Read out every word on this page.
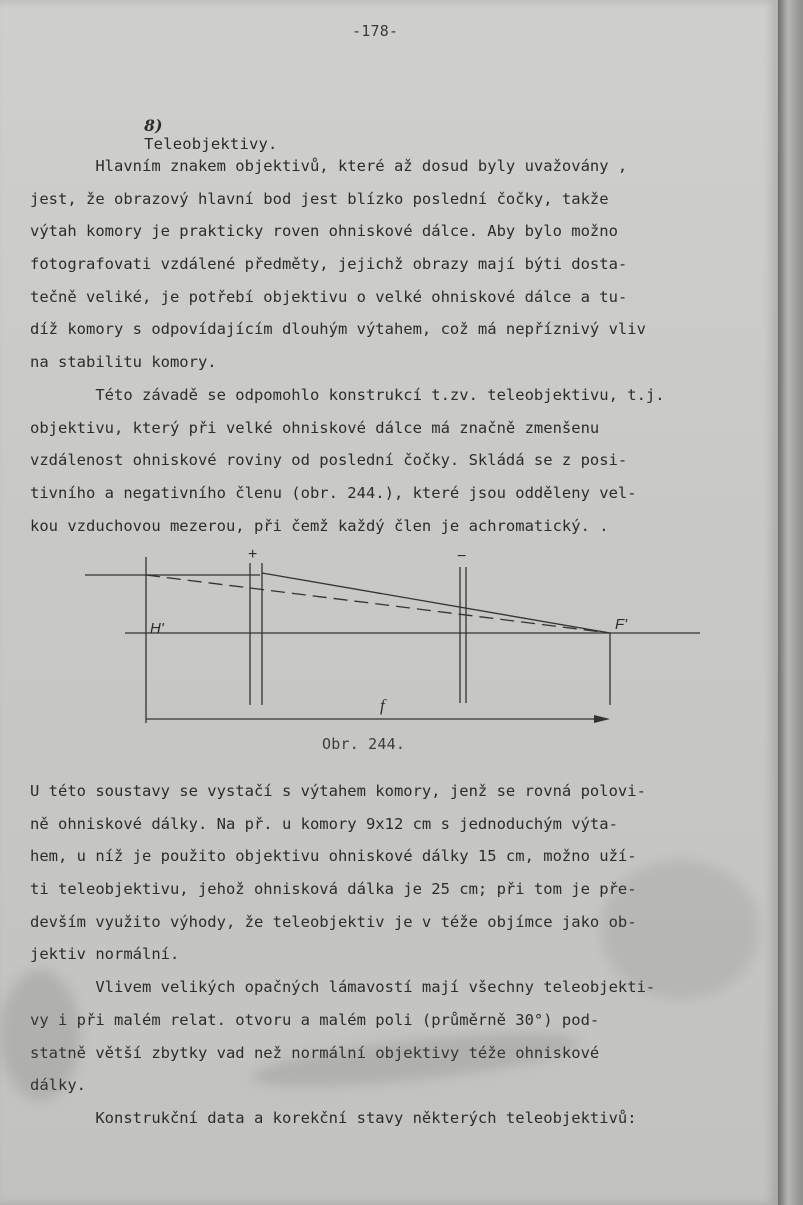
-178-

8)
Teleobjektivy.

Hlavním znakem objektivů, které až dosud byly uvažovány ,
jest, že obrazový hlavní bod jest blízko poslední čočky, takže
výtah komory je prakticky roven ohniskové dálce. Aby bylo možno
fotografovati vzdálené předměty, jejichž obrazy mají býti dosta-
tečně veliké, je potřebí objektivu o velké ohniskové dálce a tu-
díž komory s odpovídajícím dlouhým výtahem, což má nepříznivý vliv
na stabilitu komory.
Této závadě se odpomohlo konstrukcí t.zv. teleobjektivu, t.j.
objektivu, který při velké ohniskové dálce má značně zmenšenu
vzdálenost ohniskové roviny od poslední čočky. Skládá se z posi-
tivního a negativního členu (obr. 244.), které jsou odděleny vel-
kou vzduchovou mezerou, při čemž každý člen je achromatický. .
+	−
H'	F'
f
Obr. 244.
U této soustavy se vystačí s výtahem komory, jenž se rovná polovi-
ně ohniskové dálky. Na př. u komory 9x12 cm s jednoduchým výta-
hem, u níž je použito objektivu ohniskové dálky 15 cm, možno uží-
ti teleobjektivu, jehož ohnisková dálka je 25 cm; při tom je pře-
devším využito výhody, že teleobjektiv je v téže objímce jako ob-
jektiv normální.
Vlivem velikých opačných lámavostí mají všechny teleobjekti-
vy i při malém relat. otvoru a malém poli (průměrně 30°) pod-
statně větší zbytky vad než normální objektivy téže ohniskové
dálky.
Konstrukční data a korekční stavy některých teleobjektivů:
